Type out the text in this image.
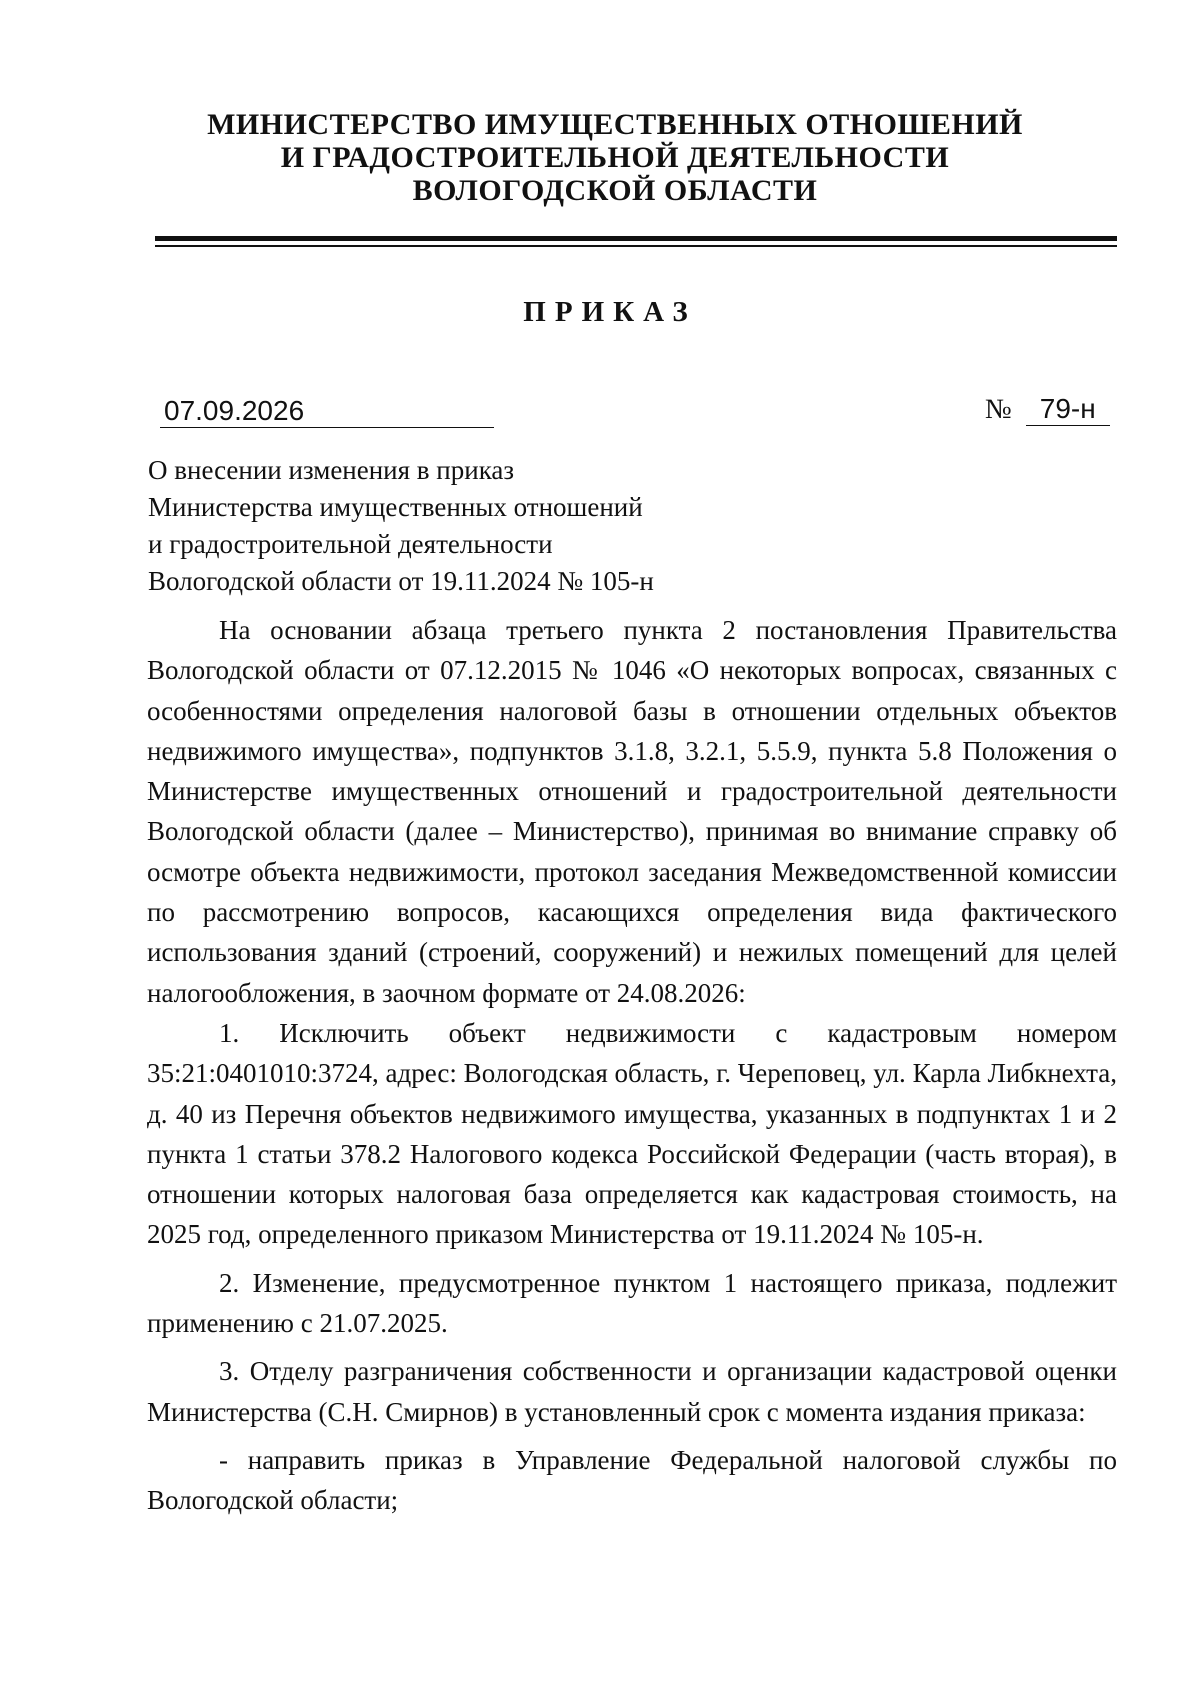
МИНИСТЕРСТВО ИМУЩЕСТВЕННЫХ ОТНОШЕНИЙ
И ГРАДОСТРОИТЕЛЬНОЙ ДЕЯТЕЛЬНОСТИ
ВОЛОГОДСКОЙ ОБЛАСТИ
ПРИКАЗ
07.09.2026	№ 79-н
О внесении изменения в приказ
Министерства имущественных отношений
и градостроительной деятельности
Вологодской области от 19.11.2024 № 105-н

На основании абзаца третьего пункта 2 постановления Правительства Вологодской области от 07.12.2015 № 1046 «О некоторых вопросах, связанных с особенностями определения налоговой базы в отношении отдельных объектов недвижимого имущества», подпунктов 3.1.8, 3.2.1, 5.5.9, пункта 5.8 Положения о Министерстве имущественных отношений и градостроительной деятельности Вологодской области (далее – Министерство), принимая во внимание справку об осмотре объекта недвижимости, протокол заседания Межведомственной комиссии по рассмотрению вопросов, касающихся определения вида фактического использования зданий (строений, сооружений) и нежилых помещений для целей налогообложения, в заочном формате от 24.08.2026:

1. Исключить объект недвижимости с кадастровым номером 35:21:0401010:3724, адрес: Вологодская область, г. Череповец, ул. Карла Либкнехта, д. 40 из Перечня объектов недвижимого имущества, указанных в подпунктах 1 и 2 пункта 1 статьи 378.2 Налогового кодекса Российской Федерации (часть вторая), в отношении которых налоговая база определяется как кадастровая стоимость, на 2025 год, определенного приказом Министерства от 19.11.2024 № 105-н.

2. Изменение, предусмотренное пунктом 1 настоящего приказа, подлежит применению с 21.07.2025.

3. Отделу разграничения собственности и организации кадастровой оценки Министерства (С.Н. Смирнов) в установленный срок с момента издания приказа:

- направить приказ в Управление Федеральной налоговой службы по Вологодской области;
